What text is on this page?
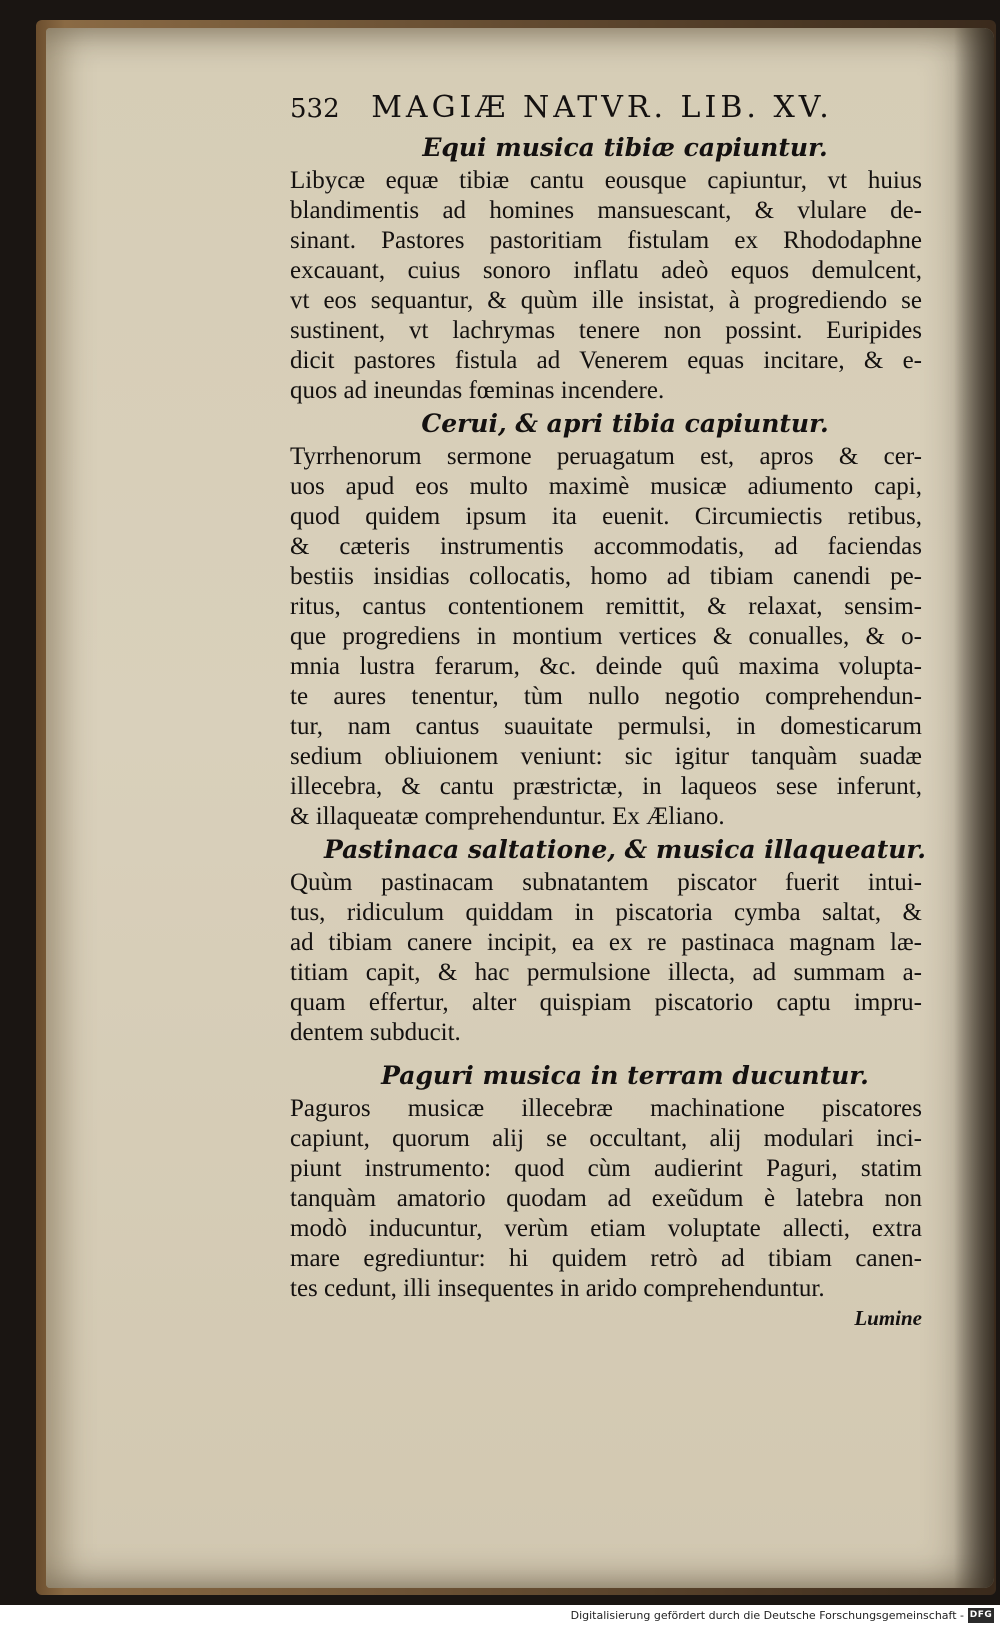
532 MAGIÆ NATVR. LIB. XV.
Equi musica tibiæ capiuntur.
Libycæ equæ tibiæ cantu eousque capiuntur, vt huius
blandimentis ad homines mansuescant, & vlulare de-
sinant. Pastores pastoritiam fistulam ex Rhododaphne
excauant, cuius sonoro inflatu adeò equos demulcent,
vt eos sequantur, & quùm ille insistat, à progrediendo se
sustinent, vt lachrymas tenere non possint. Euripides
dicit pastores fistula ad Venerem equas incitare, & e-
quos ad ineundas fœminas incendere.
Cerui, & apri tibia capiuntur.
Tyrrhenorum sermone peruagatum est, apros & cer-
uos apud eos multo maximè musicæ adiumento capi,
quod quidem ipsum ita euenit. Circumiectis retibus,
& cæteris instrumentis accommodatis, ad faciendas
bestiis insidias collocatis, homo ad tibiam canendi pe-
ritus, cantus contentionem remittit, & relaxat, sensim-
que progrediens in montium vertices & conualles, & o-
mnia lustra ferarum, &c. deinde quû maxima volupta-
te aures tenentur, tùm nullo negotio comprehendun-
tur, nam cantus suauitate permulsi, in domesticarum
sedium obliuionem veniunt: sic igitur tanquàm suadæ
illecebra, & cantu præstrictæ, in laqueos sese inferunt,
& illaqueatæ comprehenduntur. Ex Æliano.
Pastinaca saltatione, & musica illaqueatur.
Quùm pastinacam subnatantem piscator fuerit intui-
tus, ridiculum quiddam in piscatoria cymba saltat, &
ad tibiam canere incipit, ea ex re pastinaca magnam læ-
titiam capit, & hac permulsione illecta, ad summam a-
quam effertur, alter quispiam piscatorio captu impru-
dentem subducit.
Paguri musica in terram ducuntur.
Paguros musicæ illecebræ machinatione piscatores
capiunt, quorum alij se occultant, alij modulari inci-
piunt instrumento: quod cùm audierint Paguri, statim
tanquàm amatorio quodam ad exeũdum è latebra non
modò inducuntur, verùm etiam voluptate allecti, extra
mare egrediuntur: hi quidem retrò ad tibiam canen-
tes cedunt, illi insequentes in arido comprehenduntur.
Lumine
Digitalisierung gefördert durch die Deutsche Forschungsgemeinschaft - DFG
